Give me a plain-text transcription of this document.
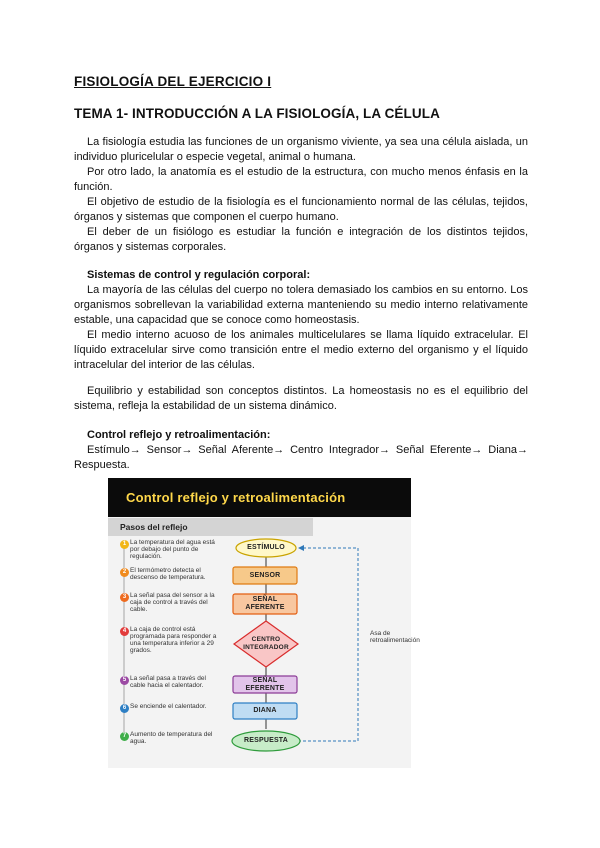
FISIOLOGÍA DEL EJERCICIO I
TEMA 1- INTRODUCCIÓN A LA FISIOLOGÍA, LA CÉLULA

La fisiología estudia las funciones de un organismo viviente, ya sea una célula aislada, un individuo pluricelular o especie vegetal, animal o humana.

Por otro lado, la anatomía es el estudio de la estructura, con mucho menos énfasis en la función.

El objetivo de estudio de la fisiología es el funcionamiento normal de las células, tejidos, órganos y sistemas que componen el cuerpo humano.

El deber de un fisiólogo es estudiar la función e integración de los distintos tejidos, órganos y sistemas corporales.

Sistemas de control y regulación corporal:

La mayoría de las células del cuerpo no tolera demasiado los cambios en su entorno. Los organismos sobrellevan la variabilidad externa manteniendo su medio interno relativamente estable, una capacidad que se conoce como homeostasis.

El medio interno acuoso de los animales multicelulares se llama líquido extracelular. El líquido extracelular sirve como transición entre el medio externo del organismo y el líquido intracelular del interior de las células.

Equilibrio y estabilidad son conceptos distintos. La homeostasis no es el equilibrio del sistema, refleja la estabilidad de un sistema dinámico.

Control reflejo y retroalimentación:

Estímulo→ Sensor→ Señal Aferente→ Centro Integrador→ Señal Eferente→ Diana→ Respuesta.

Control reflejo y retroalimentación
Pasos del reflejo
ESTÍMULO
SENSOR
SEÑAL
AFERENTE
CENTRO
INTEGRADOR
SEÑAL
EFERENTE
DIANA
RESPUESTA
Asa de retroalimentación
1 La temperatura del agua está por debajo del punto de regulación.
2 El termómetro detecta el descenso de temperatura.
3 La señal pasa del sensor a la caja de control a través del cable.
4 La caja de control está programada para responder a una temperatura inferior a 29 grados.
5 La señal pasa a través del cable hacia el calentador.
6 Se enciende el calentador.
7 Aumento de temperatura del agua.
